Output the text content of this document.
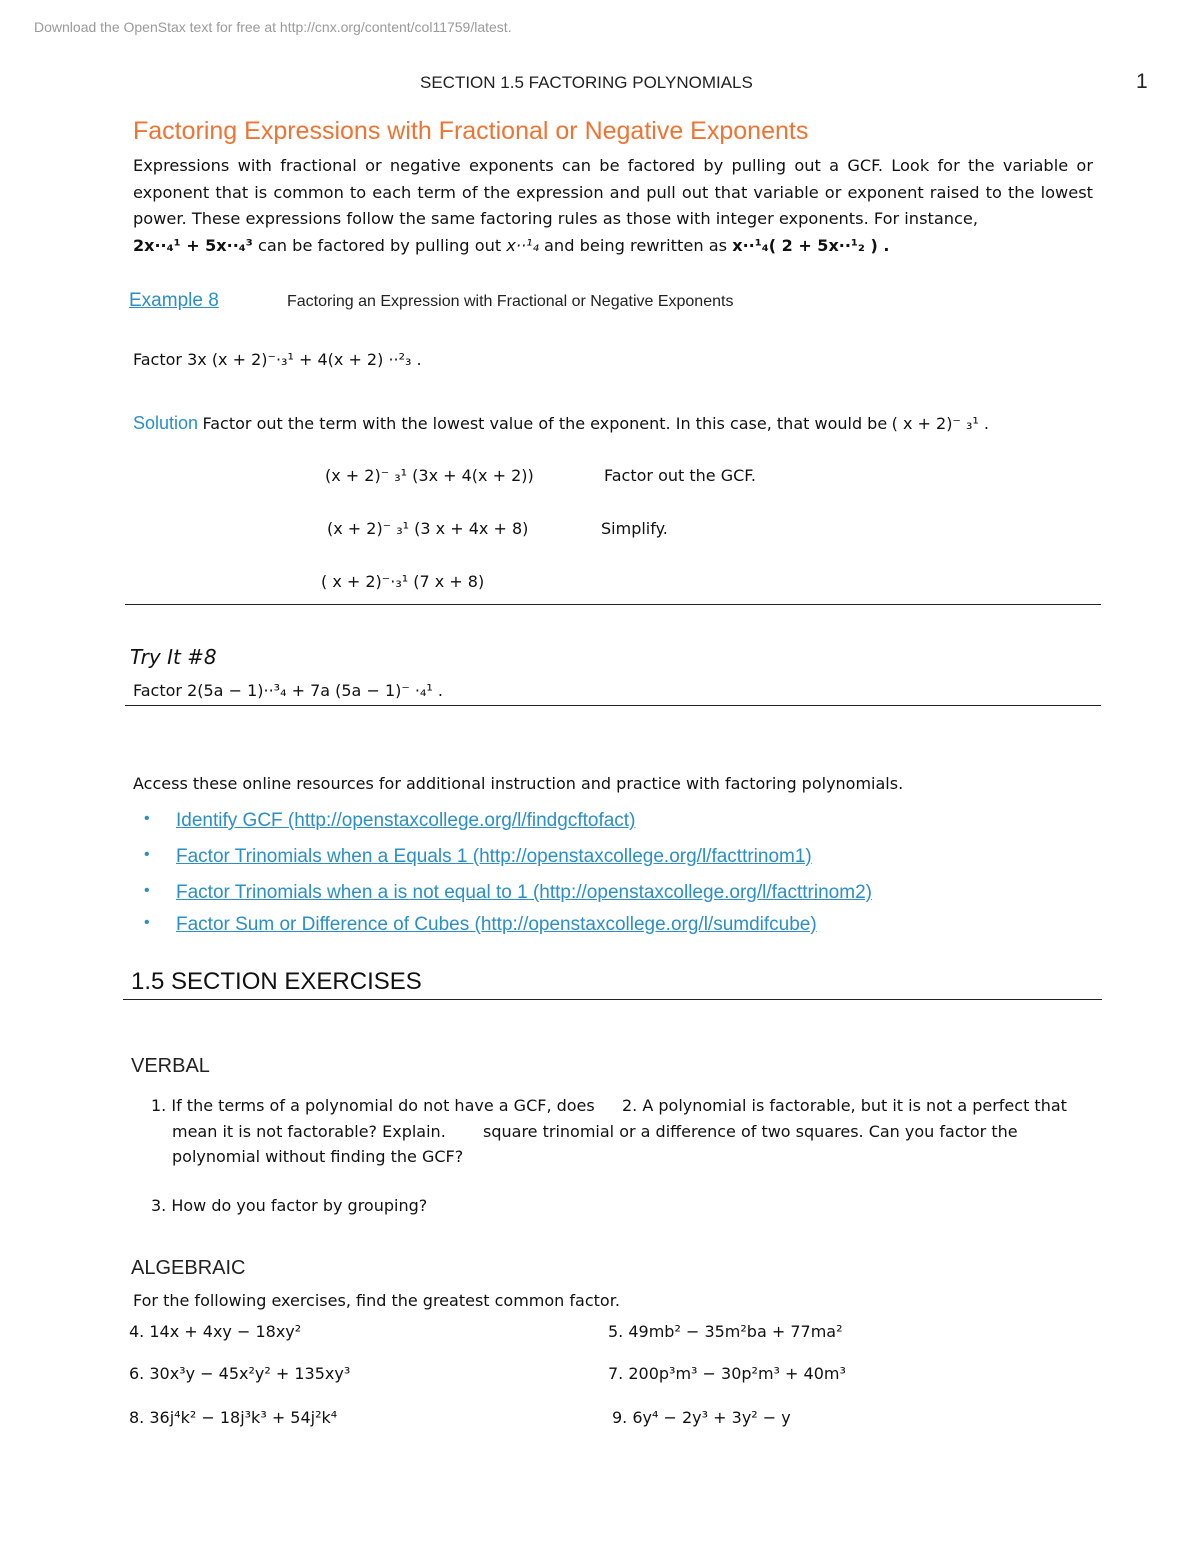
Download the OpenStax text for free at http://cnx.org/content/col11759/latest.
SECTION 1.5 FACTORING POLYNOMIALS	1
Factoring Expressions with Fractional or Negative Exponents
Expressions with fractional or negative exponents can be factored by pulling out a GCF. Look for the variable or exponent that is common to each term of the expression and pull out that variable or exponent raised to the lowest power. These expressions follow the same factoring rules as those with integer exponents. For instance,
2x··₄¹ + 5x··₄³ can be factored by pulling out x··¹₄ and being rewritten as x··¹₄( 2 + 5x··¹₂ ) .
Example 8	Factoring an Expression with Fractional or Negative Exponents
Factor 3x (x + 2)⁻·₃¹ + 4(x + 2) ··²₃ .
Solution Factor out the term with the lowest value of the exponent. In this case, that would be ( x + 2)⁻ ₃¹ .
(x + 2)⁻ ₃¹ (3x + 4(x + 2))	Factor out the GCF.
(x + 2)⁻ ₃¹ (3 x + 4x + 8)	Simplify.
( x + 2)⁻·₃¹ (7 x + 8)
Try It #8
Factor 2(5a − 1)··³₄ + 7a (5a − 1)⁻ ·₄¹ .
Access these online resources for additional instruction and practice with factoring polynomials.
• Identify GCF (http://openstaxcollege.org/l/findgcftofact)
• Factor Trinomials when a Equals 1 (http://openstaxcollege.org/l/facttrinom1)
• Factor Trinomials when a is not equal to 1 (http://openstaxcollege.org/l/facttrinom2)
• Factor Sum or Difference of Cubes (http://openstaxcollege.org/l/sumdifcube)
1.5 SECTION EXERCISES
VERBAL
1. If the terms of a polynomial do not have a GCF, does
mean it is not factorable? Explain.
2. A polynomial is factorable, but it is not a perfect that
square trinomial or a difference of two squares. Can you factor the
polynomial without finding the GCF?
3. How do you factor by grouping?
ALGEBRAIC
For the following exercises, find the greatest common factor.
4. 14x + 4xy − 18xy²	5. 49mb² − 35m²ba + 77ma²
6. 30x³y − 45x²y² + 135xy³	7. 200p³m³ − 30p²m³ + 40m³
8. 36j⁴k² − 18j³k³ + 54j²k⁴	9. 6y⁴ − 2y³ + 3y² − y
